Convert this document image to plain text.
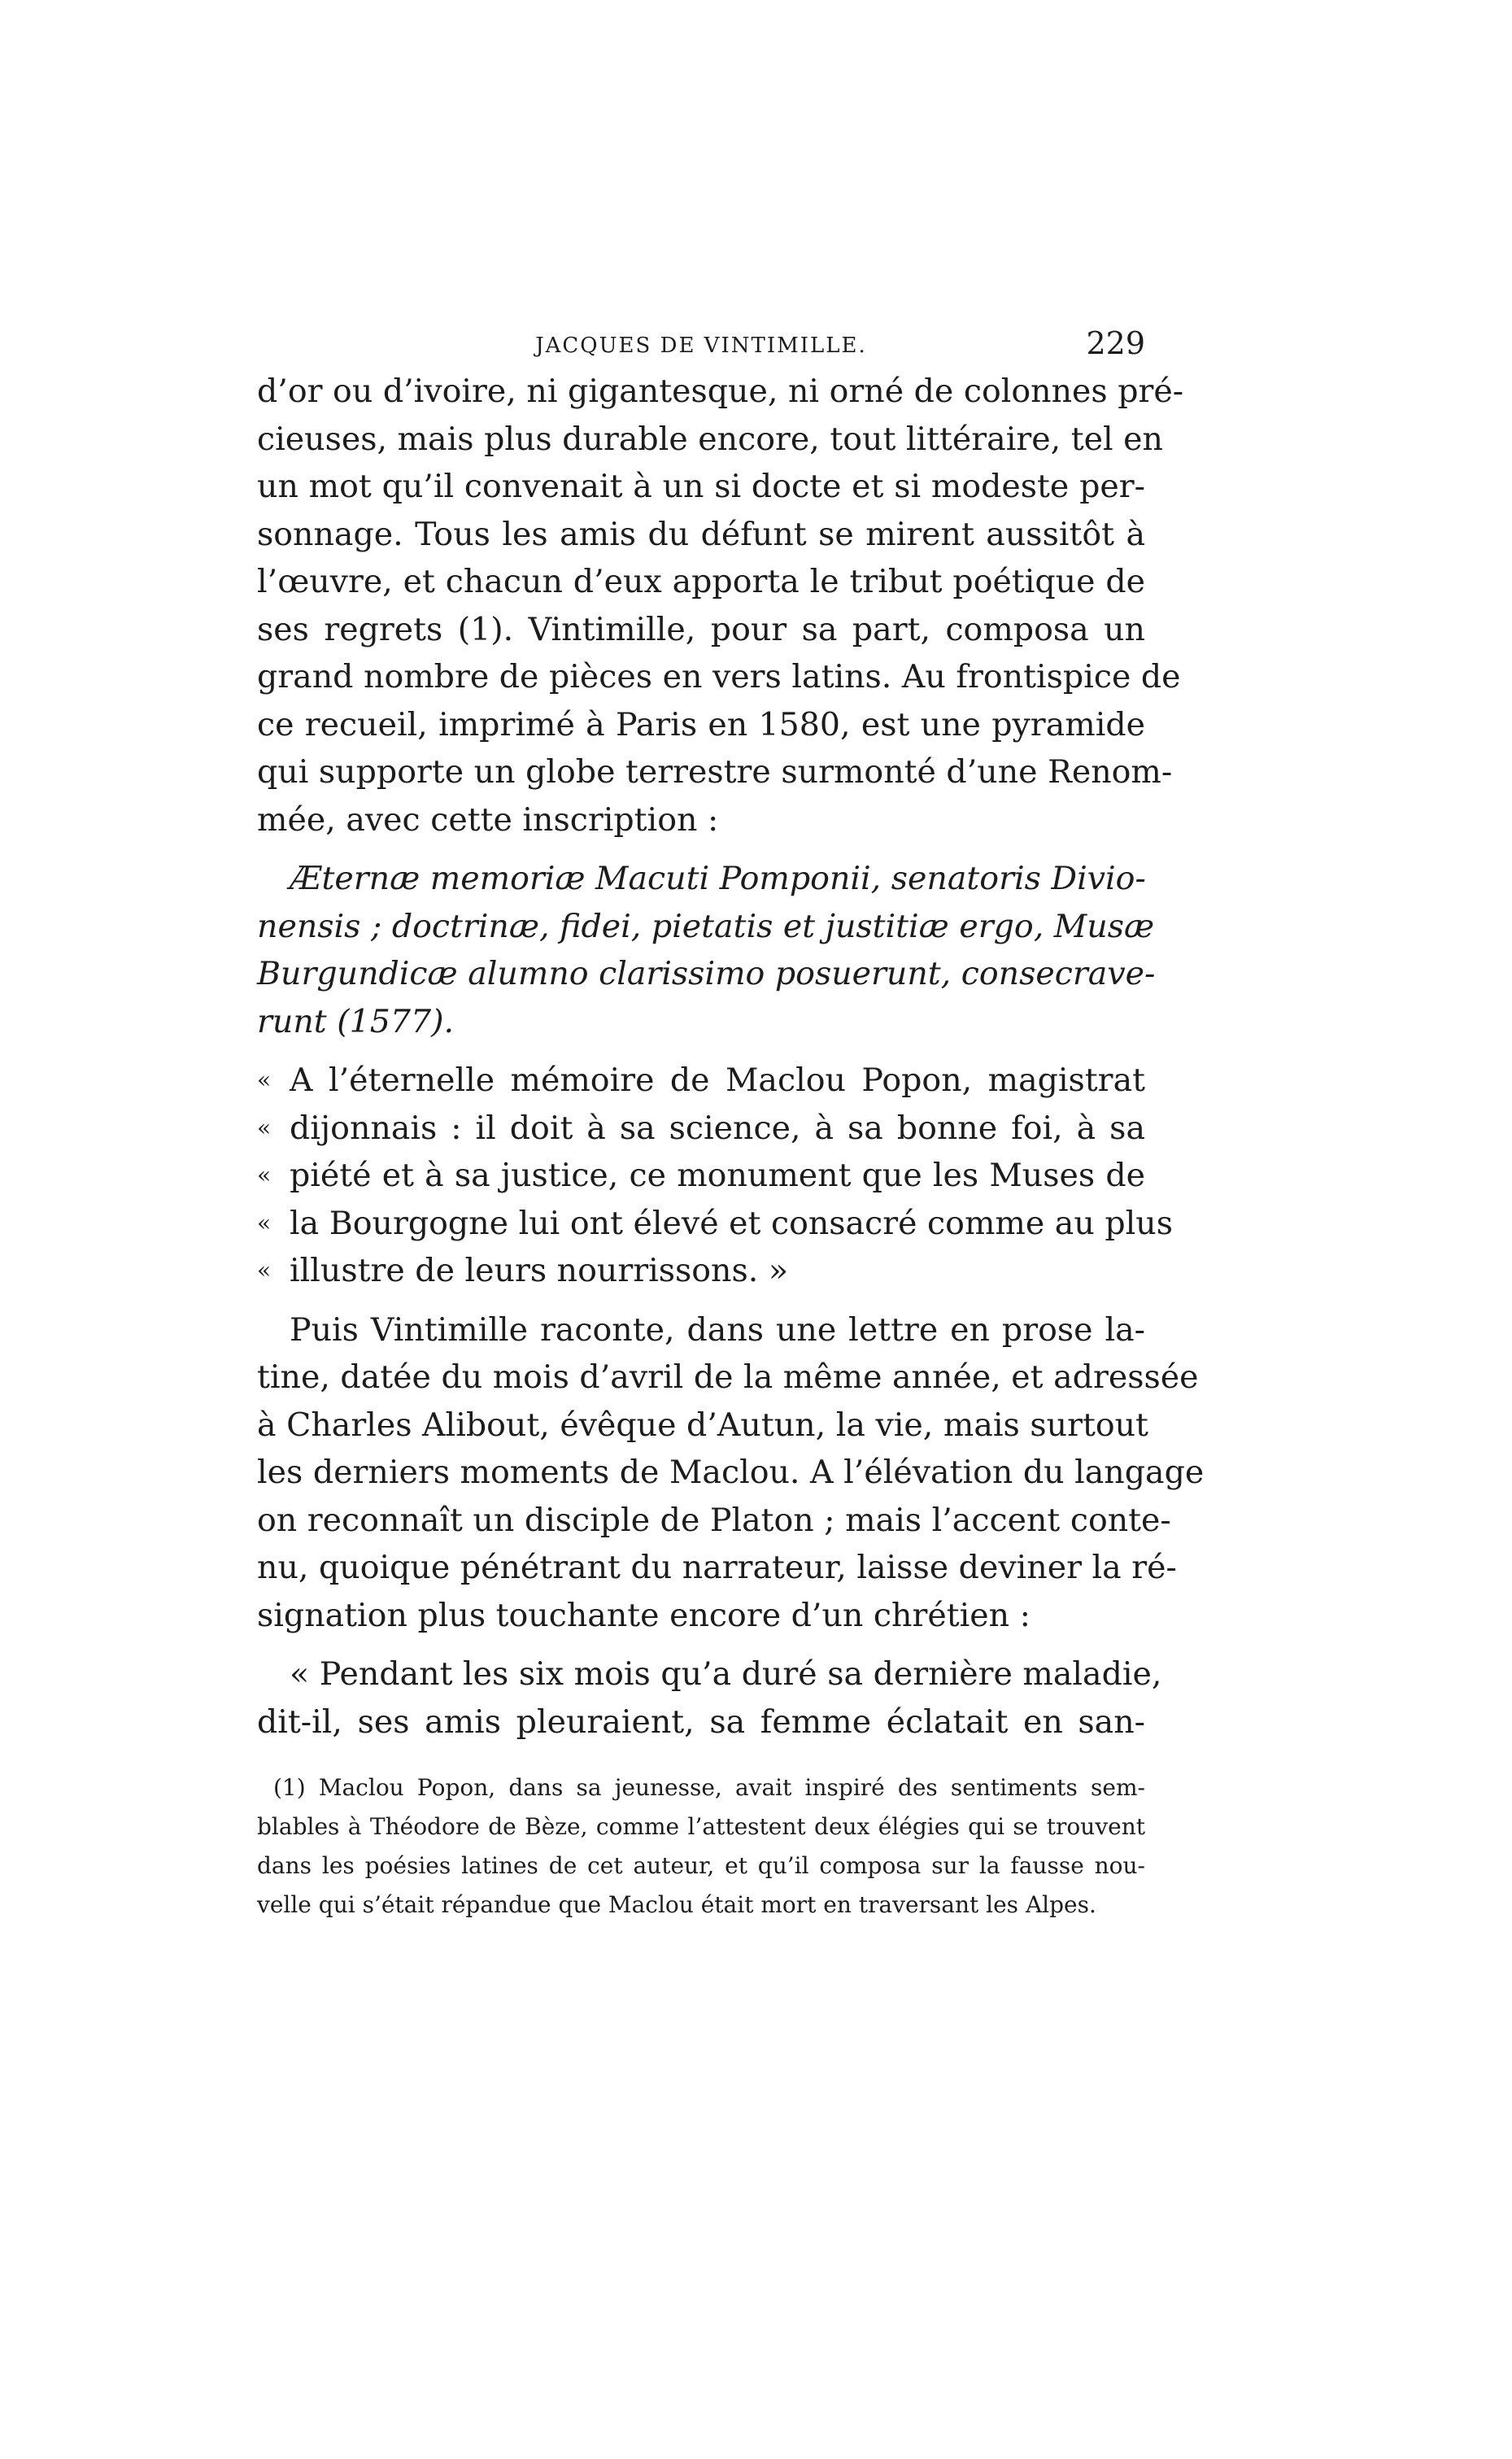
JACQUES DE VINTIMILLE.	229
d’or ou d’ivoire, ni gigantesque, ni orné de colonnes pré-
cieuses, mais plus durable encore, tout littéraire, tel en
un mot qu’il convenait à un si docte et si modeste per-
sonnage. Tous les amis du défunt se mirent aussitôt à
l’œuvre, et chacun d’eux apporta le tribut poétique de
ses regrets (1). Vintimille, pour sa part, composa un
grand nombre de pièces en vers latins. Au frontispice de
ce recueil, imprimé à Paris en 1580, est une pyramide
qui supporte un globe terrestre surmonté d’une Renom-
mée, avec cette inscription :
Æternæ memoriæ Macuti Pomponii, senatoris Divio-
nensis ; doctrinæ, fidei, pietatis et justitiæ ergo, Musæ
Burgundicæ alumno clarissimo posuerunt, consecrave-
runt (1577).
« A l’éternelle mémoire de Maclou Popon, magistrat
« dijonnais : il doit à sa science, à sa bonne foi, à sa
« piété et à sa justice, ce monument que les Muses de
« la Bourgogne lui ont élevé et consacré comme au plus
« illustre de leurs nourrissons. »
Puis Vintimille raconte, dans une lettre en prose la-
tine, datée du mois d’avril de la même année, et adressée
à Charles Alibout, évêque d’Autun, la vie, mais surtout
les derniers moments de Maclou. A l’élévation du langage
on reconnaît un disciple de Platon ; mais l’accent conte-
nu, quoique pénétrant du narrateur, laisse deviner la ré-
signation plus touchante encore d’un chrétien :
« Pendant les six mois qu’a duré sa dernière maladie,
dit-il, ses amis pleuraient, sa femme éclatait en san-
(1) Maclou Popon, dans sa jeunesse, avait inspiré des sentiments sem-
blables à Théodore de Bèze, comme l’attestent deux élégies qui se trouvent
dans les poésies latines de cet auteur, et qu’il composa sur la fausse nou-
velle qui s’était répandue que Maclou était mort en traversant les Alpes.
